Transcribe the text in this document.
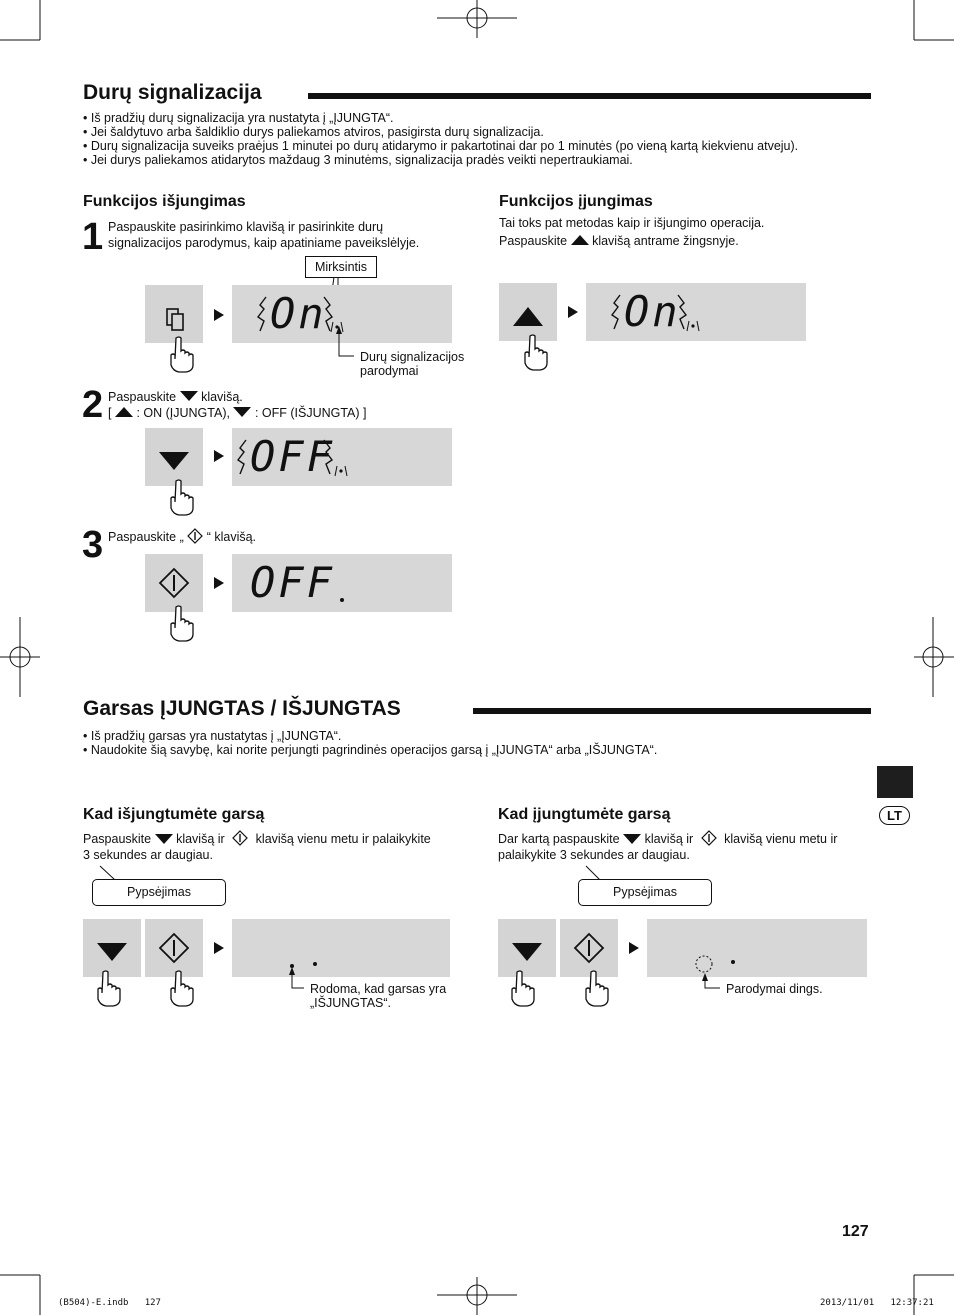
Durų signalizacija
• Iš pradžių durų signalizacija yra nustatyta į „ĮJUNGTA“.
• Jei šaldytuvo arba šaldiklio durys paliekamos atviros, pasigirsta durų signalizacija.
• Durų signalizacija suveiks praėjus 1 minutei po durų atidarymo ir pakartotinai dar po 1 minutės (po vieną kartą kiekvienu atveju).
• Jei durys paliekamos atidarytos maždaug 3 minutėms, signalizacija pradės veikti nepertraukiamai.
Funkcijos išjungimas	Funkcijos įjungimas
Tai toks pat metodas kaip ir išjungimo operacija.
Paspauskite klavišą antrame žingsnyje.
1 Paspauskite pasirinkimo klavišą ir pasirinkite durų
signalizacijos parodymus, kaip apatiniame paveikslėlyje.
Mirksintis
On
Durų signalizacijos
parodymai
On
2 Paspauskite klavišą.
[ : ON (ĮJUNGTA), : OFF (IŠJUNGTA) ]
OFF
3 Paspauskite „ “ klavišą.
OFF
Garsas ĮJUNGTAS / IŠJUNGTAS
• Iš pradžių garsas yra nustatytas į „ĮJUNGTA“.
• Naudokite šią savybę, kai norite perjungti pagrindinės operacijos garsą į „ĮJUNGTA“ arba „IŠJUNGTA“.
LT
Kad išjungtumėte garsą	Kad įjungtumėte garsą
Paspauskite klavišą ir klavišą vienu metu ir palaikykite
3 sekundes ar daugiau.
Dar kartą paspauskite klavišą ir klavišą vienu metu ir
palaikykite 3 sekundes ar daugiau.
Pypsėjimas	Pypsėjimas
Rodoma, kad garsas yra
„IŠJUNGTAS“.
Parodymai dings.
127
(B504)-E.indb   127	2013/11/01   12:37:21
